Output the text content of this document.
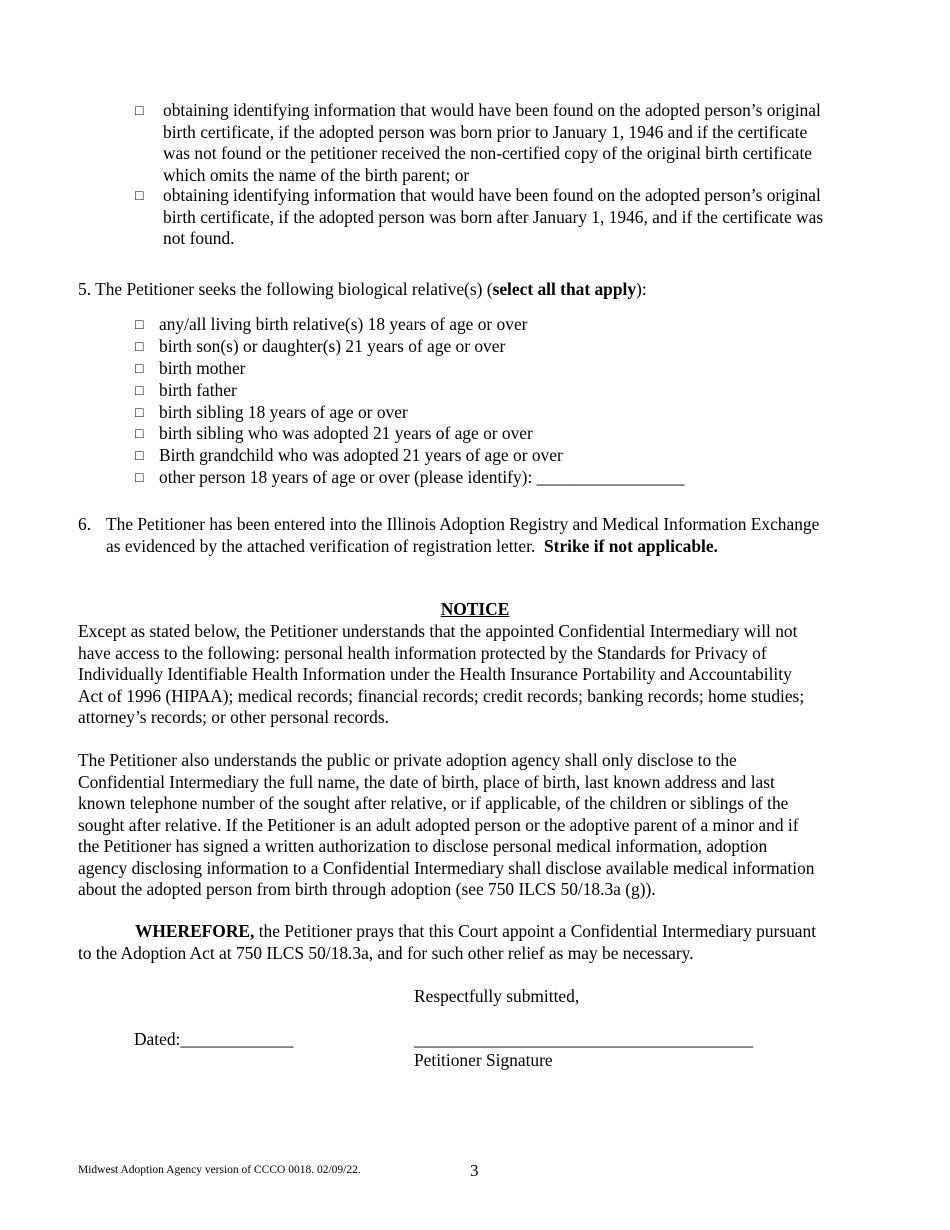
□ obtaining identifying information that would have been found on the adopted person’s original
birth certificate, if the adopted person was born prior to January 1, 1946 and if the certificate
was not found or the petitioner received the non-certified copy of the original birth certificate
which omits the name of the birth parent; or
□ obtaining identifying information that would have been found on the adopted person’s original
birth certificate, if the adopted person was born after January 1, 1946, and if the certificate was
not found.
5. The Petitioner seeks the following biological relative(s) (select all that apply):
□ any/all living birth relative(s) 18 years of age or over
□ birth son(s) or daughter(s) 21 years of age or over
□ birth mother
□ birth father
□ birth sibling 18 years of age or over
□ birth sibling who was adopted 21 years of age or over
□ Birth grandchild who was adopted 21 years of age or over
□ other person 18 years of age or over (please identify): _________________
6. The Petitioner has been entered into the Illinois Adoption Registry and Medical Information Exchange
as evidenced by the attached verification of registration letter. Strike if not applicable.
NOTICE
Except as stated below, the Petitioner understands that the appointed Confidential Intermediary will not
have access to the following: personal health information protected by the Standards for Privacy of
Individually Identifiable Health Information under the Health Insurance Portability and Accountability
Act of 1996 (HIPAA); medical records; financial records; credit records; banking records; home studies;
attorney’s records; or other personal records.
The Petitioner also understands the public or private adoption agency shall only disclose to the
Confidential Intermediary the full name, the date of birth, place of birth, last known address and last
known telephone number of the sought after relative, or if applicable, of the children or siblings of the
sought after relative. If the Petitioner is an adult adopted person or the adoptive parent of a minor and if
the Petitioner has signed a written authorization to disclose personal medical information, adoption
agency disclosing information to a Confidential Intermediary shall disclose available medical information
about the adopted person from birth through adoption (see 750 ILCS 50/18.3a (g)).
WHEREFORE, the Petitioner prays that this Court appoint a Confidential Intermediary pursuant
to the Adoption Act at 750 ILCS 50/18.3a, and for such other relief as may be necessary.
Respectfully submitted,
Dated:_____________	_______________________________________
Petitioner Signature
Midwest Adoption Agency version of CCCO 0018. 02/09/22.	3
